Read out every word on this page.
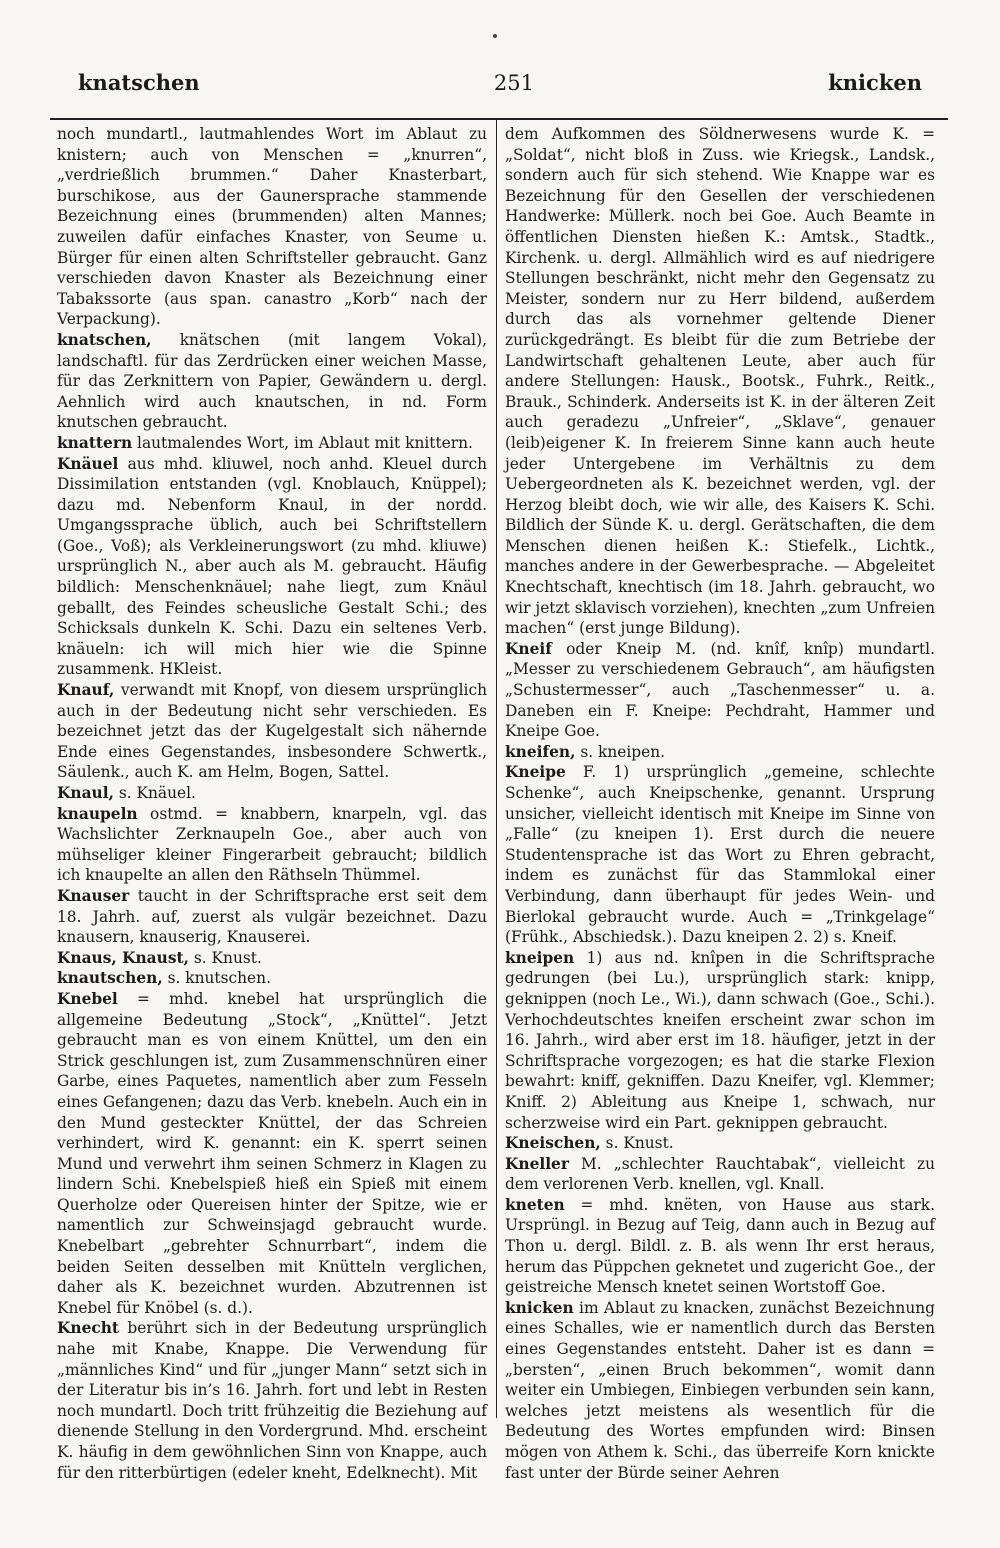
knatschen	251	knicken

noch mundartl., lautmahlendes Wort im Ablaut zu knistern; auch von Menschen = „knurren“, „verdrießlich brummen.“ Daher Knasterbart, burschikose, aus der Gaunersprache stammende Bezeichnung eines (brummenden) alten Mannes; zuweilen dafür einfaches Knaster, von Seume u. Bürger für einen alten Schriftsteller gebraucht. Ganz verschieden davon Knaster als Bezeichnung einer Tabakssorte (aus span. canastro „Korb“ nach der Verpackung).

knatschen, knätschen (mit langem Vokal), landschaftl. für das Zerdrücken einer weichen Masse, für das Zerknittern von Papier, Gewändern u. dergl. Aehnlich wird auch knautschen, in nd. Form knutschen gebraucht.

knattern lautmalendes Wort, im Ablaut mit knittern.

Knäuel aus mhd. kliuwel, noch anhd. Kleuel durch Dissimilation entstanden (vgl. Knoblauch, Knüppel); dazu md. Nebenform Knaul, in der nordd. Umgangssprache üblich, auch bei Schriftstellern (Goe., Voß); als Verkleinerungswort (zu mhd. kliuwe) ursprünglich N., aber auch als M. gebraucht. Häufig bildlich: Menschenknäuel; nahe liegt, zum Knäul geballt, des Feindes scheusliche Gestalt Schi.; des Schicksals dunkeln K. Schi. Dazu ein seltenes Verb. knäueln: ich will mich hier wie die Spinne zusammenk. HKleist.

Knauf, verwandt mit Knopf, von diesem ursprünglich auch in der Bedeutung nicht sehr verschieden. Es bezeichnet jetzt das der Kugelgestalt sich nähernde Ende eines Gegenstandes, insbesondere Schwertk., Säulenk., auch K. am Helm, Bogen, Sattel.

Knaul, s. Knäuel.

knaupeln ostmd. = knabbern, knarpeln, vgl. das Wachslichter Zerknaupeln Goe., aber auch von mühseliger kleiner Fingerarbeit gebraucht; bildlich ich knaupelte an allen den Räthseln Thümmel.

Knauser taucht in der Schriftsprache erst seit dem 18. Jahrh. auf, zuerst als vulgär bezeichnet. Dazu knausern, knauserig, Knauserei.

Knaus, Knaust, s. Knust.

knautschen, s. knutschen.

Knebel = mhd. knebel hat ursprünglich die allgemeine Bedeutung „Stock“, „Knüttel“. Jetzt gebraucht man es von einem Knüttel, um den ein Strick geschlungen ist, zum Zusammenschnüren einer Garbe, eines Paquetes, namentlich aber zum Fesseln eines Gefangenen; dazu das Verb. knebeln. Auch ein in den Mund gesteckter Knüttel, der das Schreien verhindert, wird K. genannt: ein K. sperrt seinen Mund und verwehrt ihm seinen Schmerz in Klagen zu lindern Schi. Knebelspieß hieß ein Spieß mit einem Querholze oder Quereisen hinter der Spitze, wie er namentlich zur Schweinsjagd gebraucht wurde. Knebelbart „gebrehter Schnurrbart“, indem die beiden Seiten desselben mit Knütteln verglichen, daher als K. bezeichnet wurden. Abzutrennen ist Knebel für Knöbel (s. d.).

Knecht berührt sich in der Bedeutung ursprünglich nahe mit Knabe, Knappe. Die Verwendung für „männliches Kind“ und für „junger Mann“ setzt sich in der Literatur bis in’s 16. Jahrh. fort und lebt in Resten noch mundartl. Doch tritt frühzeitig die Beziehung auf dienende Stellung in den Vordergrund. Mhd. erscheint K. häufig in dem gewöhnlichen Sinn von Knappe, auch für den ritterbürtigen (edeler kneht, Edelknecht). Mit

dem Aufkommen des Söldnerwesens wurde K. = „Soldat“, nicht bloß in Zuss. wie Kriegsk., Landsk., sondern auch für sich stehend. Wie Knappe war es Bezeichnung für den Gesellen der verschiedenen Handwerke: Müllerk. noch bei Goe. Auch Beamte in öffentlichen Diensten hießen K.: Amtsk., Stadtk., Kirchenk. u. dergl. Allmählich wird es auf niedrigere Stellungen beschränkt, nicht mehr den Gegensatz zu Meister, sondern nur zu Herr bildend, außerdem durch das als vornehmer geltende Diener zurückgedrängt. Es bleibt für die zum Betriebe der Landwirtschaft gehaltenen Leute, aber auch für andere Stellungen: Hausk., Bootsk., Fuhrk., Reitk., Brauk., Schinderk. Anderseits ist K. in der älteren Zeit auch geradezu „Unfreier“, „Sklave“, genauer (leib)eigener K. In freierem Sinne kann auch heute jeder Untergebene im Verhältnis zu dem Uebergeordneten als K. bezeichnet werden, vgl. der Herzog bleibt doch, wie wir alle, des Kaisers K. Schi. Bildlich der Sünde K. u. dergl. Gerätschaften, die dem Menschen dienen heißen K.: Stiefelk., Lichtk., manches andere in der Gewerbesprache. — Abgeleitet Knechtschaft, knechtisch (im 18. Jahrh. gebraucht, wo wir jetzt sklavisch vorziehen), knechten „zum Unfreien machen“ (erst junge Bildung).

Kneif oder Kneip M. (nd. knîf, knîp) mundartl. „Messer zu verschiedenem Gebrauch“, am häufigsten „Schustermesser“, auch „Taschenmesser“ u. a. Daneben ein F. Kneipe: Pechdraht, Hammer und Kneipe Goe.

kneifen, s. kneipen.

Kneipe F. 1) ursprünglich „gemeine, schlechte Schenke“, auch Kneipschenke, genannt. Ursprung unsicher, vielleicht identisch mit Kneipe im Sinne von „Falle“ (zu kneipen 1). Erst durch die neuere Studentensprache ist das Wort zu Ehren gebracht, indem es zunächst für das Stammlokal einer Verbindung, dann überhaupt für jedes Wein- und Bierlokal gebraucht wurde. Auch = „Trinkgelage“ (Frühk., Abschiedsk.). Dazu kneipen 2. 2) s. Kneif.

kneipen 1) aus nd. knîpen in die Schriftsprache gedrungen (bei Lu.), ursprünglich stark: knipp, geknippen (noch Le., Wi.), dann schwach (Goe., Schi.). Verhochdeutschtes kneifen erscheint zwar schon im 16. Jahrh., wird aber erst im 18. häufiger, jetzt in der Schriftsprache vorgezogen; es hat die starke Flexion bewahrt: kniff, gekniffen. Dazu Kneifer, vgl. Klemmer; Kniff. 2) Ableitung aus Kneipe 1, schwach, nur scherzweise wird ein Part. geknippen gebraucht.

Kneischen, s. Knust.

Kneller M. „schlechter Rauchtabak“, vielleicht zu dem verlorenen Verb. knellen, vgl. Knall.

kneten = mhd. knëten, von Hause aus stark. Ursprüngl. in Bezug auf Teig, dann auch in Bezug auf Thon u. dergl. Bildl. z. B. als wenn Ihr erst heraus, herum das Püppchen geknetet und zugericht Goe., der geistreiche Mensch knetet seinen Wortstoff Goe.

knicken im Ablaut zu knacken, zunächst Bezeichnung eines Schalles, wie er namentlich durch das Bersten eines Gegenstandes entsteht. Daher ist es dann = „bersten“, „einen Bruch bekommen“, womit dann weiter ein Umbiegen, Einbiegen verbunden sein kann, welches jetzt meistens als wesentlich für die Bedeutung des Wortes empfunden wird: Binsen mögen von Athem k. Schi., das überreife Korn knickte fast unter der Bürde seiner Aehren
